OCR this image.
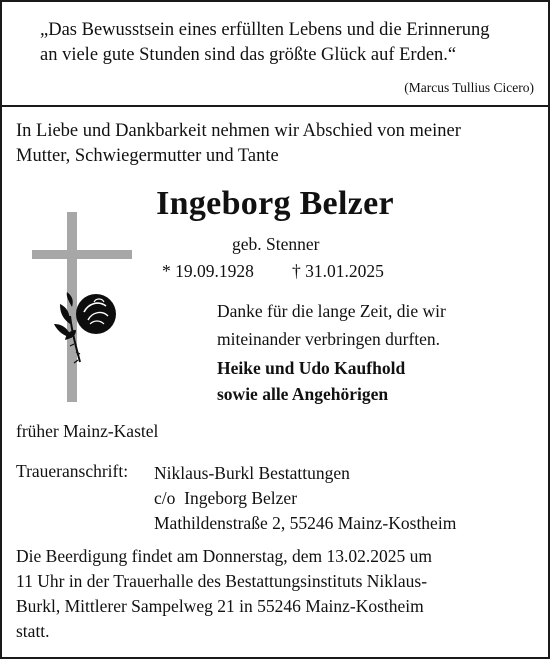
„Das Bewusstsein eines erfüllten Lebens und die Erinnerung
an viele gute Stunden sind das größte Glück auf Erden.“

(Marcus Tullius Cicero)

In Liebe und Dankbarkeit nehmen wir Abschied von meiner
Mutter, Schwiegermutter und Tante

Ingeborg Belzer

geb. Stenner

* 19.09.1928 † 31.01.2025

Danke für die lange Zeit, die wir
miteinander verbringen durften.

Heike und Udo Kaufhold
sowie alle Angehörigen

früher Mainz-Kastel

Traueranschrift: Niklaus-Burkl Bestattungen
c/o  Ingeborg Belzer
Mathildenstraße 2, 55246 Mainz-Kostheim

Die Beerdigung findet am Donnerstag, dem 13.02.2025 um
11 Uhr in der Trauerhalle des Bestattungsinstituts Niklaus-
Burkl, Mittlerer Sampelweg 21 in 55246 Mainz-Kostheim
statt.
